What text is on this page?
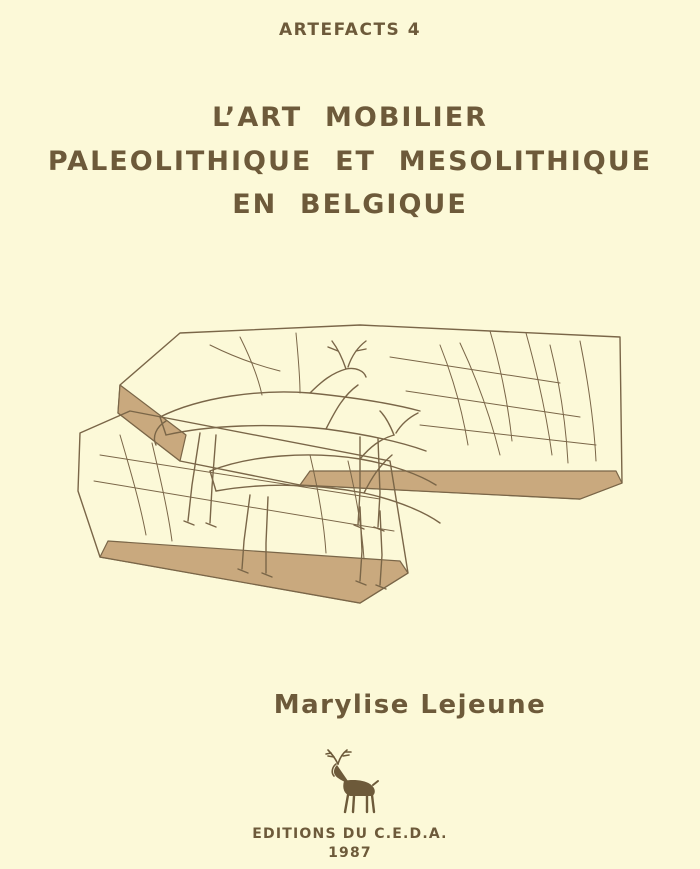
ARTEFACTS 4
L’ART  MOBILIER
PALEOLITHIQUE  ET  MESOLITHIQUE
EN  BELGIQUE
Marylise Lejeune
EDITIONS DU C.E.D.A.
1987
